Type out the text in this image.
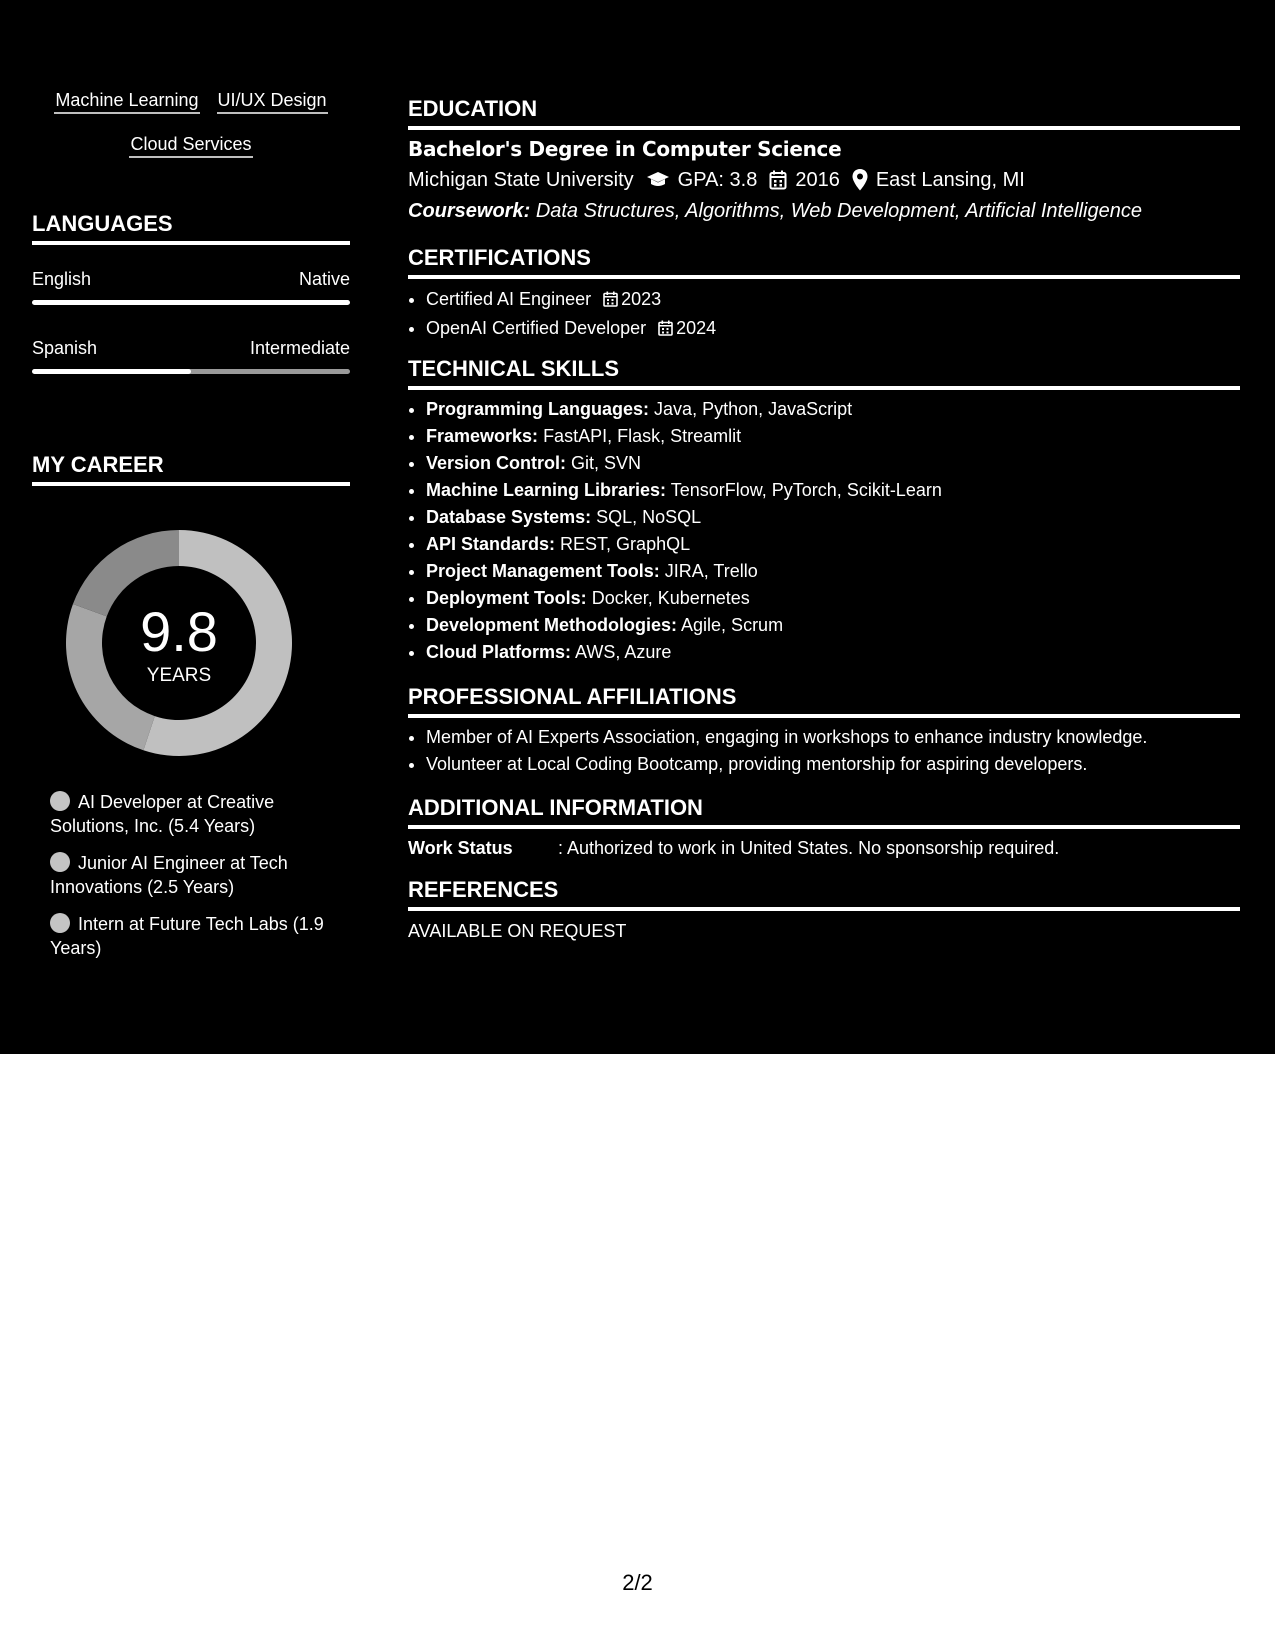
Machine Learning UI/UX Design
Cloud Services
LANGUAGES
English	Native
Spanish	Intermediate
MY CAREER
9.8
YEARS
AI Developer at Creative Solutions, Inc. (5.4 Years)
Junior AI Engineer at Tech Innovations (2.5 Years)
Intern at Future Tech Labs (1.9 Years)
EDUCATION
Bachelor's Degree in Computer Science
Michigan State University GPA: 3.8 2016 East Lansing, MI
Coursework: Data Structures, Algorithms, Web Development, Artificial Intelligence
CERTIFICATIONS
• Certified AI Engineer 2023
• OpenAI Certified Developer 2024
TECHNICAL SKILLS
• Programming Languages: Java, Python, JavaScript
• Frameworks: FastAPI, Flask, Streamlit
• Version Control: Git, SVN
• Machine Learning Libraries: TensorFlow, PyTorch, Scikit-Learn
• Database Systems: SQL, NoSQL
• API Standards: REST, GraphQL
• Project Management Tools: JIRA, Trello
• Deployment Tools: Docker, Kubernetes
• Development Methodologies: Agile, Scrum
• Cloud Platforms: AWS, Azure
PROFESSIONAL AFFILIATIONS
• Member of AI Experts Association, engaging in workshops to enhance industry knowledge.
• Volunteer at Local Coding Bootcamp, providing mentorship for aspiring developers.
ADDITIONAL INFORMATION
Work Status	: Authorized to work in United States. No sponsorship required.
REFERENCES
AVAILABLE ON REQUEST
2/2
